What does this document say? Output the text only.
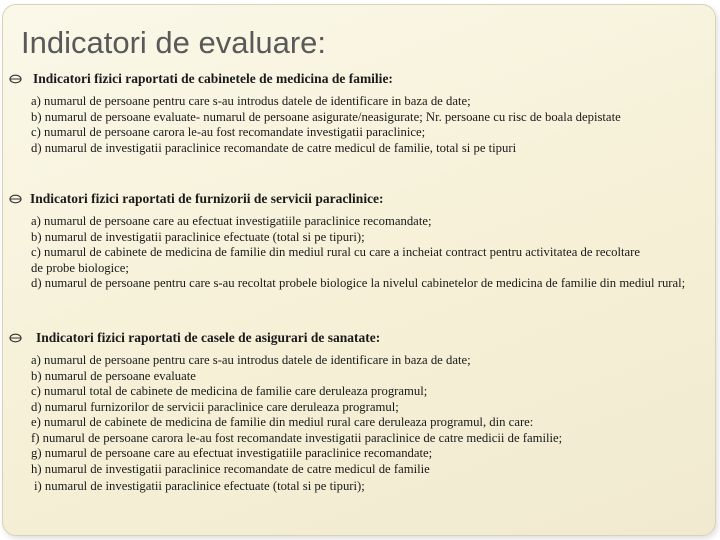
Indicatori de evaluare:
Indicatori fizici raportati de cabinetele de medicina de familie:
a) numarul de persoane pentru care s-au introdus datele de identificare in baza de date;
b) numarul de persoane evaluate- numarul de persoane asigurate/neasigurate; Nr. persoane cu risc de boala depistate
c) numarul de persoane carora le-au fost recomandate investigatii paraclinice;
d) numarul de investigatii paraclinice recomandate de catre medicul de familie, total si pe tipuri
Indicatori fizici raportati de furnizorii de servicii paraclinice:
a) numarul de persoane care au efectuat investigatiile paraclinice recomandate;
b) numarul de investigatii paraclinice efectuate (total si pe tipuri);
c) numarul de cabinete de medicina de familie din mediul rural cu care a incheiat contract pentru activitatea de recoltare de probe biologice;
d) numarul de persoane pentru care s-au recoltat probele biologice la nivelul cabinetelor de medicina de familie din mediul rural;
Indicatori fizici raportati de casele de asigurari de sanatate:
a) numarul de persoane pentru care s-au introdus datele de identificare in baza de date;
b) numarul de persoane evaluate
c) numarul total de cabinete de medicina de familie care deruleaza programul;
d) numarul furnizorilor de servicii paraclinice care deruleaza programul;
e) numarul de cabinete de medicina de familie din mediul rural care deruleaza programul, din care:
f) numarul de persoane carora le-au fost recomandate investigatii paraclinice de catre medicii de familie;
g) numarul de persoane care au efectuat investigatiile paraclinice recomandate;
h) numarul de investigatii paraclinice recomandate de catre medicul de familie
i) numarul de investigatii paraclinice efectuate (total si pe tipuri);
